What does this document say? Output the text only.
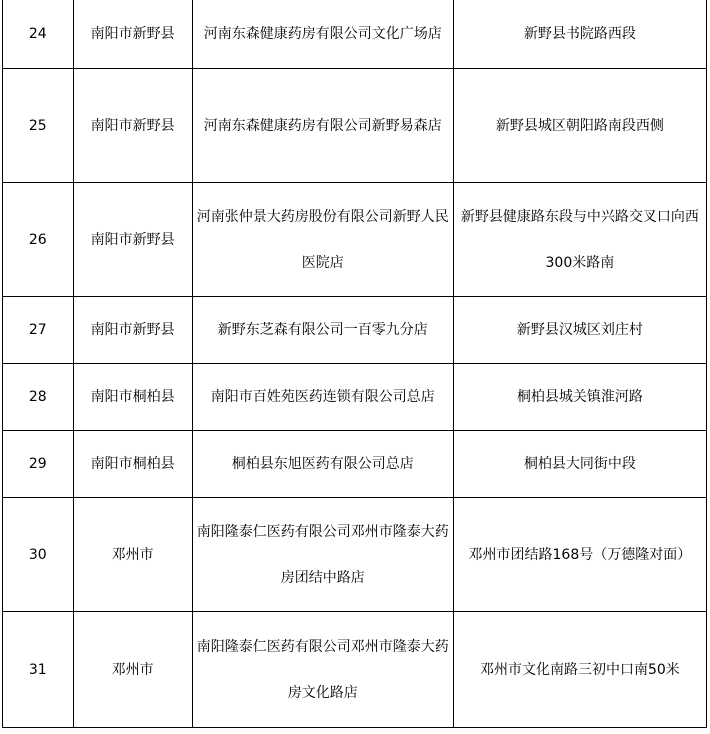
24	南阳市新野县	河南东森健康药房有限公司文化广场店	新野县书院路西段
25	南阳市新野县	河南东森健康药房有限公司新野易森店	新野县城区朝阳路南段西侧
26	南阳市新野县	河南张仲景大药房股份有限公司新野人民医院店	新野县健康路东段与中兴路交叉口向西300米路南
27	南阳市新野县	新野东芝森有限公司一百零九分店	新野县汉城区刘庄村
28	南阳市桐柏县	南阳市百姓苑医药连锁有限公司总店	桐柏县城关镇淮河路
29	南阳市桐柏县	桐柏县东旭医药有限公司总店	桐柏县大同街中段
30	邓州市	南阳隆泰仁医药有限公司邓州市隆泰大药房团结中路店	邓州市团结路168号（万德隆对面）
31	邓州市	南阳隆泰仁医药有限公司邓州市隆泰大药房文化路店	邓州市文化南路三初中口南50米
